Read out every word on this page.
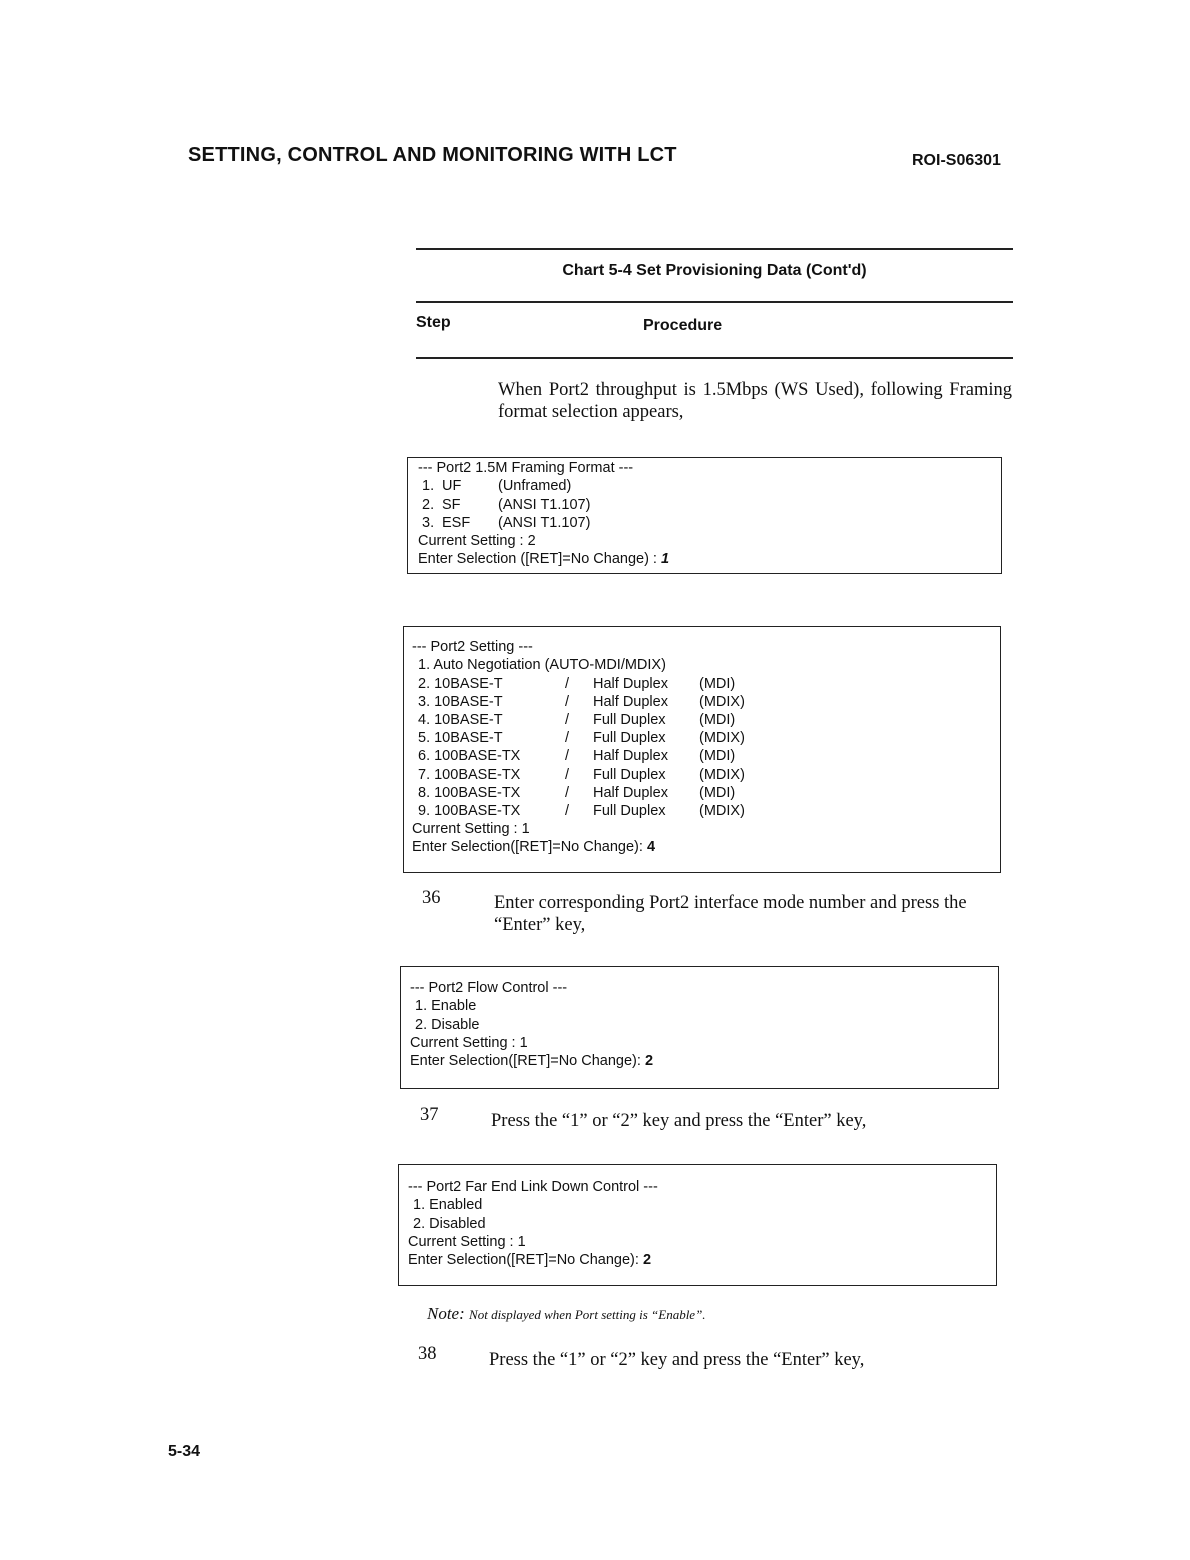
SETTING, CONTROL AND MONITORING WITH LCT	ROI-S06301
Chart 5-4 Set Provisioning Data (Cont'd)
Step	Procedure
When Port2 throughput is 1.5Mbps (WS Used), following Framing format selection appears,
--- Port2 1.5M Framing Format ---
1. UF	(Unframed)
2. SF	(ANSI T1.107)
3. ESF	(ANSI T1.107)
Current Setting : 2
Enter Selection ([RET]=No Change) : 1
--- Port2 Setting ---
1. Auto Negotiation (AUTO-MDI/MDIX)
2. 10BASE-T	/	Half Duplex	(MDI)
3. 10BASE-T	/	Half Duplex	(MDIX)
4. 10BASE-T	/	Full Duplex	(MDI)
5. 10BASE-T	/	Full Duplex	(MDIX)
6. 100BASE-TX	/	Half Duplex	(MDI)
7. 100BASE-TX	/	Full Duplex	(MDIX)
8. 100BASE-TX	/	Half Duplex	(MDI)
9. 100BASE-TX	/	Full Duplex	(MDIX)
Current Setting : 1
Enter Selection([RET]=No Change): 4
36	Enter corresponding Port2 interface mode number and press the “Enter” key,
--- Port2 Flow Control ---
1. Enable
2. Disable
Current Setting : 1
Enter Selection([RET]=No Change): 2
37	Press the “1” or “2” key and press the “Enter” key,
--- Port2 Far End Link Down Control ---
1. Enabled
2. Disabled
Current Setting : 1
Enter Selection([RET]=No Change): 2
Note: Not displayed when Port setting is “Enable”.
38	Press the “1” or “2” key and press the “Enter” key,
5-34
